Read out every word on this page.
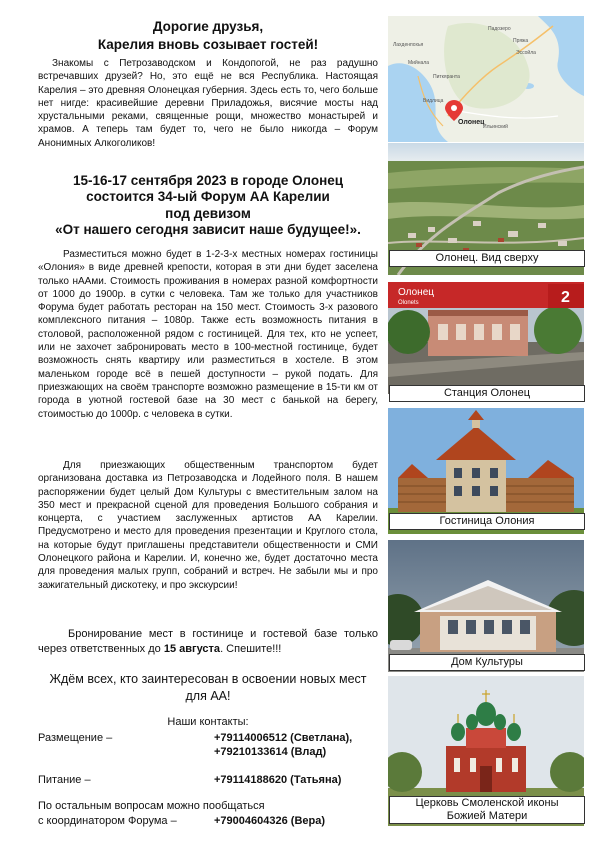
Дорогие друзья,
Карелия вновь созывает гостей!

Знакомы с Петрозаводском и Кондопогой, не раз радушно встречавших друзей? Но, это ещё не вся Республика. Настоящая Карелия – это древняя Олонецкая губерния. Здесь есть то, чего больше нет нигде: красивейшие деревни Приладожья, висячие мосты над хрустальными реками, священные рощи, множество монастырей и храмов. А теперь там будет то, чего не было никогда – Форум Анонимных Алкоголиков!

15-16-17 сентября 2023 в городе Олонец
состоится 34-ый Форум АА Карелии
под девизом
«От нашего сегодня зависит наше будущее!».

Разместиться можно будет в 1-2-3-х местных номерах гостиницы «Олония» в виде древней крепости, которая в эти дни будет заселена только нААми. Стоимость проживания в номерах разной комфортности от 1000 до 1900р. в сутки с человека. Там же только для участников Форума будет работать ресторан на 150 мест. Стоимость 3-х разового комплексного питания – 1080р. Также есть возможность питания в столовой, расположенной рядом с гостиницей. Для тех, кто не успеет, или не захочет забронировать место в 100-местной гостинице, будет возможность снять квартиру или разместиться в хостеле. В этом маленьком городе всё в пешей доступности – рукой подать. Для приезжающих на своём транспорте возможно размещение в 15-ти км от города в уютной гостевой базе на 30 мест с банькой на берегу, стоимостью до 1000р. с человека в сутки.

Для приезжающих общественным транспортом будет организована доставка из Петрозаводска и Лодейного поля. В нашем распоряжении будет целый Дом Культуры с вместительным залом на 350 мест и прекрасной сценой для проведения Большого собрания и концерта, с участием заслуженных артистов АА Карелии. Предусмотрено и место для проведения презентации и Круглого стола, на которые будут приглашены представители общественности и СМИ Олонецкого района и Карелии. И, конечно же, будет достаточно места для проведения малых групп, собраний и встреч. Не забыли мы и про зажигательный дискотеку, и про экскурсии!

Бронирование мест в гостинице и гостевой базе только через ответственных до 15 августа. Спешите!!!

Ждём всех, кто заинтересован в освоении новых мест для АА!
Наши контакты:
Размещение –	+79114006512 (Светлана),
+79210133614 (Влад)
Питание –	+79114188620 (Татьяна)
По остальным вопросам можно пообщаться
с координатором Форума –	+79004604326 (Вера)
Пряжа
Эссойла
Падозеро
Лахденпохья
Питкяранта
Видлица
Ильинский
Мийнала
Олонец
Олонец. Вид сверху
Олонец
Olonets	2
Станция Олонец
Гостиница Олония
Дом Культуры
Церковь Смоленской иконы
Божией Матери
